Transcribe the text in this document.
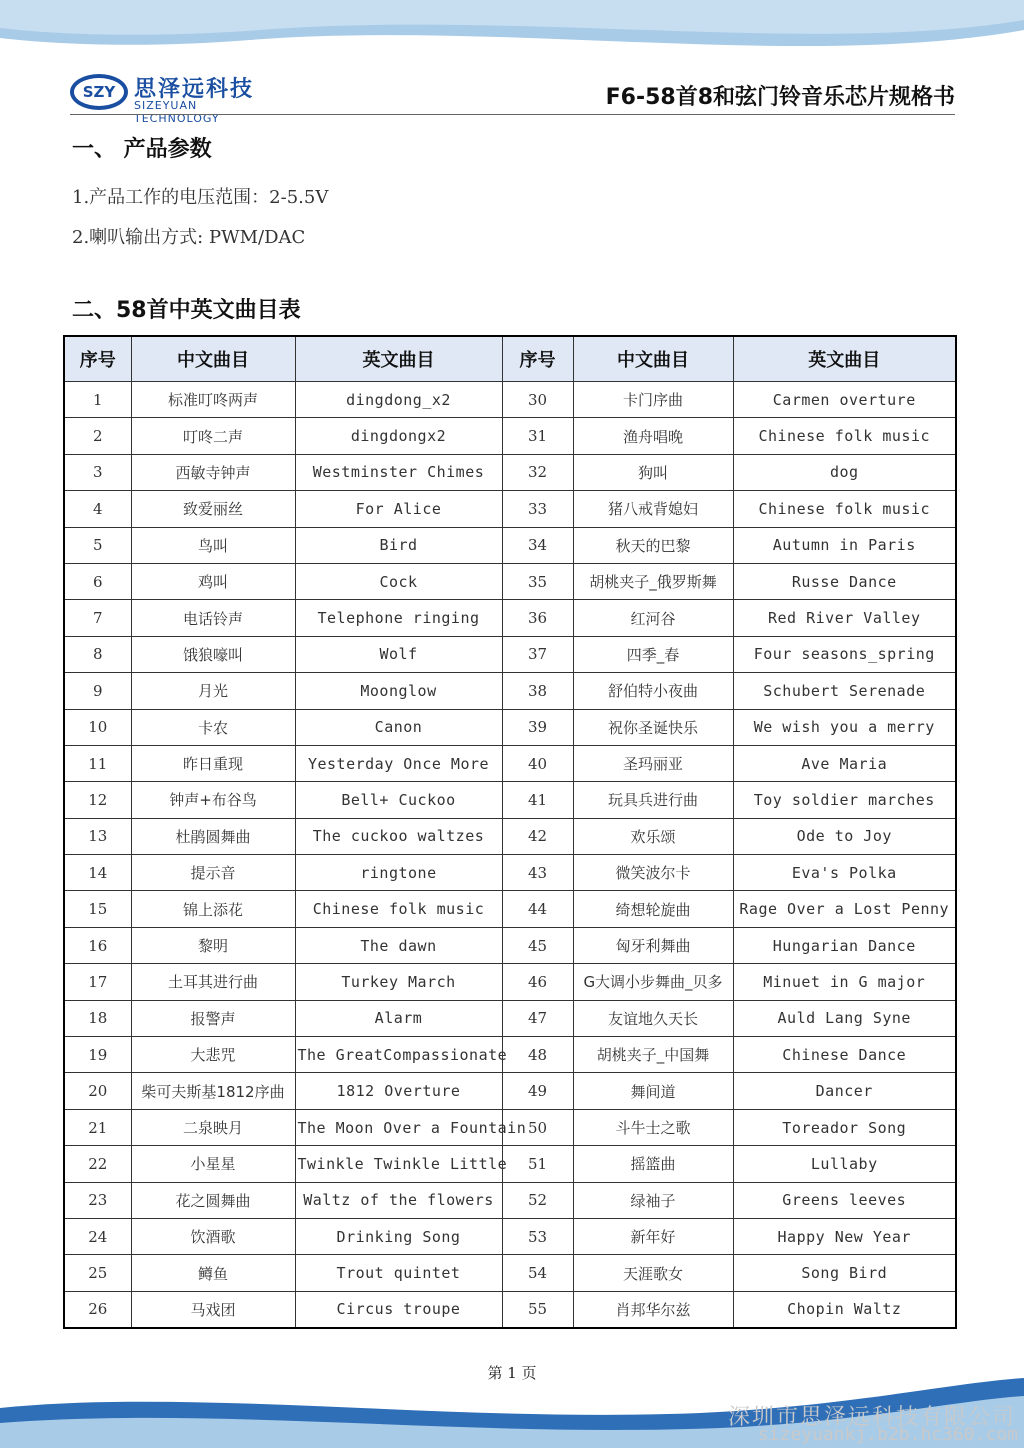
SZY 思泽远科技
SIZEYUAN TECHNOLOGY
F6-58首8和弦门铃音乐芯片规格书
一、 产品参数
1.产品工作的电压范围：2-5.5V
2.喇叭输出方式: PWM/DAC
二、58首中英文曲目表
序号	中文曲目	英文曲目	序号	中文曲目	英文曲目
1	标准叮咚两声	dingdong_x2	30	卡门序曲	Carmen overture
2	叮咚二声	dingdongx2	31	渔舟唱晚	Chinese folk music
3	西敏寺钟声	Westminster Chimes	32	狗叫	dog
4	致爱丽丝	For Alice	33	猪八戒背媳妇	Chinese folk music
5	鸟叫	Bird	34	秋天的巴黎	Autumn in Paris
6	鸡叫	Cock	35	胡桃夹子_俄罗斯舞	Russe Dance
7	电话铃声	Telephone ringing	36	红河谷	Red River Valley
8	饿狼嚎叫	Wolf	37	四季_春	Four seasons_spring
9	月光	Moonglow	38	舒伯特小夜曲	Schubert Serenade
10	卡农	Canon	39	祝你圣诞快乐	We wish you a merry
11	昨日重现	Yesterday Once More	40	圣玛丽亚	Ave Maria
12	钟声+布谷鸟	Bell+ Cuckoo	41	玩具兵进行曲	Toy soldier marches
13	杜鹃圆舞曲	The cuckoo waltzes	42	欢乐颂	Ode to Joy
14	提示音	ringtone	43	微笑波尔卡	Eva's Polka
15	锦上添花	Chinese folk music	44	绮想轮旋曲	Rage Over a Lost Penny
16	黎明	The dawn	45	匈牙利舞曲	Hungarian Dance
17	土耳其进行曲	Turkey March	46	G大调小步舞曲_贝多	Minuet in G major
18	报警声	Alarm	47	友谊地久天长	Auld Lang Syne
19	大悲咒	The GreatCompassionate	48	胡桃夹子_中国舞	Chinese Dance
20	柴可夫斯基1812序曲	1812 Overture	49	舞间道	Dancer
21	二泉映月	The Moon Over a Fountain	50	斗牛士之歌	Toreador Song
22	小星星	Twinkle Twinkle Little	51	摇篮曲	Lullaby
23	花之圆舞曲	Waltz of the flowers	52	绿袖子	Greens leeves
24	饮酒歌	Drinking Song	53	新年好	Happy New Year
25	鳟鱼	Trout quintet	54	天涯歌女	Song Bird
26	马戏团	Circus troupe	55	肖邦华尔兹	Chopin Waltz
第 1 页
深圳市思泽远科技有限公司
sizeyuankj.b2b.hc360.com
